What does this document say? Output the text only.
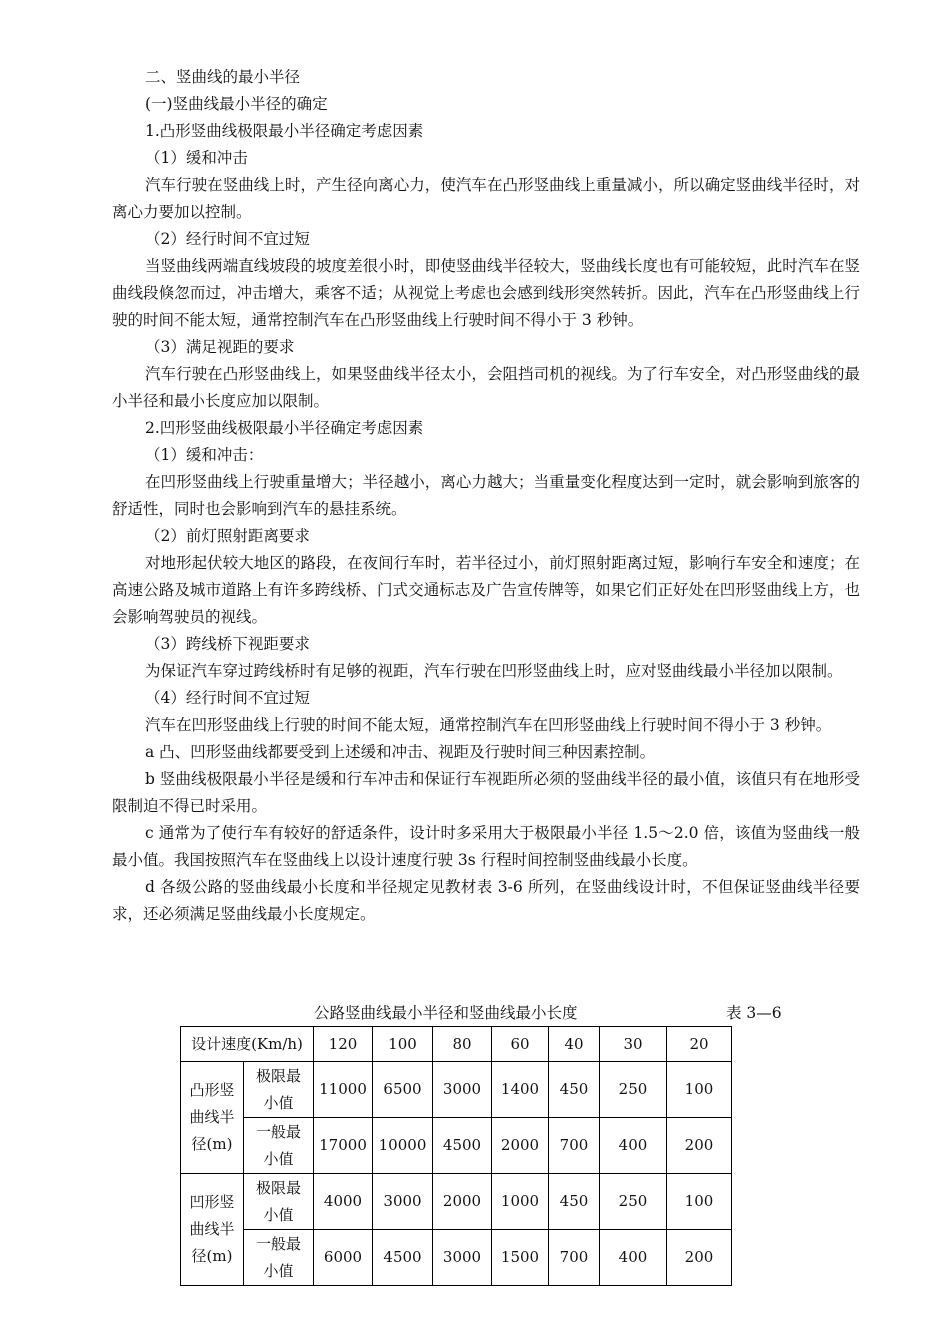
二、竖曲线的最小半径
(一)竖曲线最小半径的确定
1.凸形竖曲线极限最小半径确定考虑因素
（1）缓和冲击

汽车行驶在竖曲线上时，产生径向离心力，使汽车在凸形竖曲线上重量减小，所以确定竖曲线半径时，对离心力要加以控制。

（2）经行时间不宜过短

当竖曲线两端直线坡段的坡度差很小时，即使竖曲线半径较大，竖曲线长度也有可能较短，此时汽车在竖曲线段倏忽而过，冲击增大，乘客不适；从视觉上考虑也会感到线形突然转折。因此，汽车在凸形竖曲线上行驶的时间不能太短，通常控制汽车在凸形竖曲线上行驶时间不得小于 3 秒钟。

（3）满足视距的要求

汽车行驶在凸形竖曲线上，如果竖曲线半径太小，会阻挡司机的视线。为了行车安全，对凸形竖曲线的最小半径和最小长度应加以限制。

2.凹形竖曲线极限最小半径确定考虑因素
（1）缓和冲击：

在凹形竖曲线上行驶重量增大；半径越小，离心力越大；当重量变化程度达到一定时，就会影响到旅客的舒适性，同时也会影响到汽车的悬挂系统。

（2）前灯照射距离要求

对地形起伏较大地区的路段，在夜间行车时，若半径过小，前灯照射距离过短，影响行车安全和速度；在高速公路及城市道路上有许多跨线桥、门式交通标志及广告宣传牌等，如果它们正好处在凹形竖曲线上方，也会影响驾驶员的视线。

（3）跨线桥下视距要求

为保证汽车穿过跨线桥时有足够的视距，汽车行驶在凹形竖曲线上时，应对竖曲线最小半径加以限制。

（4）经行时间不宜过短

汽车在凹形竖曲线上行驶的时间不能太短，通常控制汽车在凹形竖曲线上行驶时间不得小于 3 秒钟。

a 凸、凹形竖曲线都要受到上述缓和冲击、视距及行驶时间三种因素控制。

b 竖曲线极限最小半径是缓和行车冲击和保证行车视距所必须的竖曲线半径的最小值，该值只有在地形受限制迫不得已时采用。

c 通常为了使行车有较好的舒适条件，设计时多采用大于极限最小半径 1.5～2.0 倍，该值为竖曲线一般最小值。我国按照汽车在竖曲线上以设计速度行驶 3s 行程时间控制竖曲线最小长度。

d 各级公路的竖曲线最小长度和半径规定见教材表 3-6 所列，在竖曲线设计时，不但保证竖曲线半径要求，还必须满足竖曲线最小长度规定。

公路竖曲线最小半径和竖曲线最小长度	表 3—6
设计速度(Km/h)		120	100	80	60	40	30	20
凸形竖曲线半径(m)	极限最小值	11000	6500	3000	1400	450	250	100
	一般最小值	17000	10000	4500	2000	700	400	200
凹形竖曲线半径(m)	极限最小值	4000	3000	2000	1000	450	250	100
	一般最小值	6000	4500	3000	1500	700	400	200
